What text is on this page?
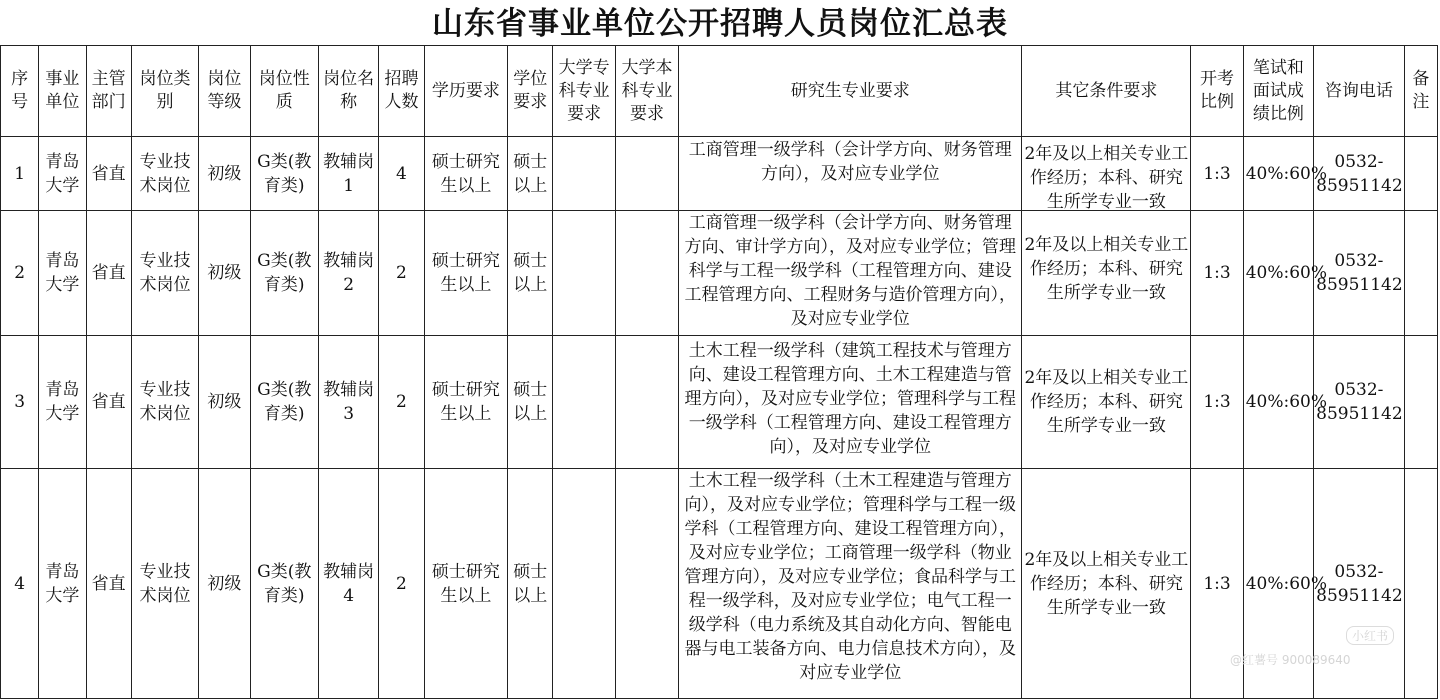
山东省事业单位公开招聘人员岗位汇总表
序号	事业单位	主管部门	岗位类别	岗位等级	岗位性质	岗位名称	招聘人数	学历要求	学位要求	大学专科专业要求	大学本科专业要求	研究生专业要求	其它条件要求	开考比例	笔试和面试成绩比例	咨询电话	备注
1	青岛大学	省直	专业技术岗位	初级	G类(教育类)	教辅岗1	4	硕士研究生以上	硕士以上			工商管理一级学科（会计学方向、财务管理方向），及对应专业学位	2年及以上相关专业工作经历；本科、研究生所学专业一致	1:3	40%:60%	0532-85951142	
2	青岛大学	省直	专业技术岗位	初级	G类(教育类)	教辅岗2	2	硕士研究生以上	硕士以上			工商管理一级学科（会计学方向、财务管理方向、审计学方向），及对应专业学位；管理科学与工程一级学科（工程管理方向、建设工程管理方向、工程财务与造价管理方向），及对应专业学位	2年及以上相关专业工作经历；本科、研究生所学专业一致	1:3	40%:60%	0532-85951142	
3	青岛大学	省直	专业技术岗位	初级	G类(教育类)	教辅岗3	2	硕士研究生以上	硕士以上			土木工程一级学科（建筑工程技术与管理方向、建设工程管理方向、土木工程建造与管理方向），及对应专业学位；管理科学与工程一级学科（工程管理方向、建设工程管理方向），及对应专业学位	2年及以上相关专业工作经历；本科、研究生所学专业一致	1:3	40%:60%	0532-85951142	
4	青岛大学	省直	专业技术岗位	初级	G类(教育类)	教辅岗4	2	硕士研究生以上	硕士以上			土木工程一级学科（土木工程建造与管理方向），及对应专业学位；管理科学与工程一级学科（工程管理方向、建设工程管理方向），及对应专业学位；工商管理一级学科（物业管理方向），及对应专业学位；食品科学与工程一级学科，及对应专业学位；电气工程一级学科（电力系统及其自动化方向、智能电器与电工装备方向、电力信息技术方向），及对应专业学位	2年及以上相关专业工作经历；本科、研究生所学专业一致	1:3	40%:60%	0532-85951142	
小红书
@红薯号 900089640
